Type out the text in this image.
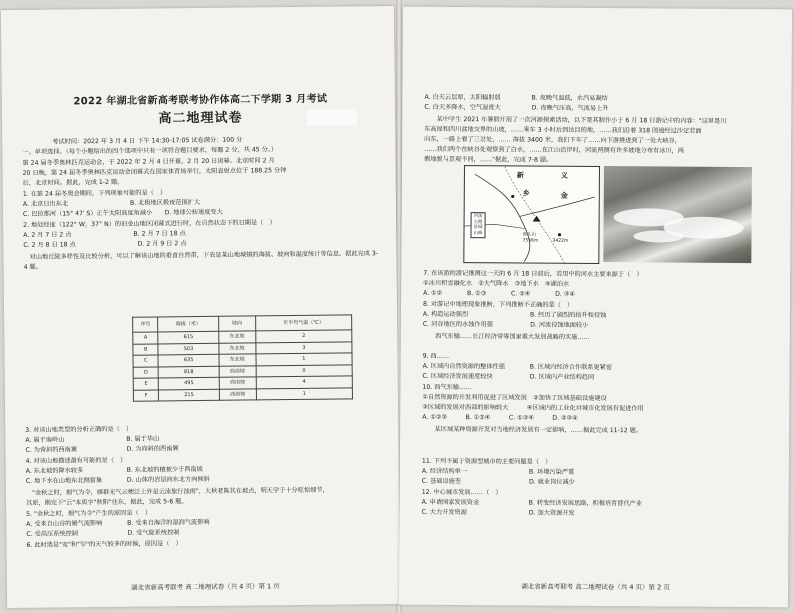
2022 年湖北省新高考联考协作体高二下学期 3 月考试
高二地理试卷
考试时间：2022 年 3 月 4 日 下午 14:30-17:05 试卷满分：100 分
一、单项选择。（每个小题给出的四个选项中只有一项符合题目要求，每题 2 分，共 45 分。）
第 24 届冬季奥林匹克运动会，于 2022 年 2 月 4 日开幕，2 月 20 日闭幕。北京时间 2 月
20 日晚，第 24 届冬季奥林匹克运动会闭幕式在国家体育场举行，太阳直射点位于 188.25 分钟
后，北京时间。据此，完成 1-2 题。
1. 在第 24 届冬奥会期间，下列现象可能的是（　）
A. 北京日出东北　　　　　　　　　　B. 北极地区极夜范围扩大
C. 巴拉那河（15° 47′ S）正午太阳高度角减小　　D. 地球公转速度变大
2. 地处经度（122° W，37° N）的旧金山地区闭幕式进行时，在自然状态下的日期是（　）
A. 2 月 7 日 2 点　　　　　　　　　　B. 2 月 7 日 18 点
C. 2 月 8 日 18 点　　　　　　　　　　D. 2 月 9 日 2 点
　对山地丘陵多样性及比较分析，可以了解该山地的垂直自然带，下表是某山地城镇的海拔、坡向和温度统计等信息。据此完成 3-4 题。
序号	海拔（米）	坡向	年平均气温（℃）
A	615	东北坡	2
B	503	东北坡	3
C	635	东北坡	1
D	818	西南坡	0
E	495	西南坡	4
F	215	西南坡	1
3. 对该山地类型的分析正确的是（　）
A. 属于南岭山　　　　　　　　　　B. 属于华山
C. 为背斜的西南翼　　　　　　　　D. 为向斜的西南翼
4. 对该山地描述最有可能的是（　）
A. 东北坡的降水较多　　　　　　　B. 东北坡的植被少于西南坡
C. 地下水在山地东北侧富集　　　　D. 山体的岩层向东北方向倾斜
　"金秋之时，烟气为令，雁群无气云梗泛上外是云泳旅行浊雨"，大秋老陈其在坡点，明天学子十分吃惊细节，
其原，刚完下"云"本质字"秋阳"往东，据此，完成 5-6 题。
5. "金秋之时，烟气为令"产生的原因是（　）
A. 受来自山谷的暖气流影响　　　　B. 受来自海洋的湿润气流影响
C. 受高压系统控制　　　　　　　　D. 受气旋系统控制
6. 此时选是"宽"和"窄"的天气较多的时候，原因是（　）
湖北省新高考联考 高二地理试卷（共 4 页）第 1 页
A. 白天云层厚，太阳辐射弱　　　　　B. 夜晚气温低，水汽易凝结
C. 白天多降水，空气湿度大　　　　　D. 夜晚气压高，气流易上升
　　某中学生 2021 年暑假开展了一次河源探索活动，以下是其制作小于 6 月 18 日游记中的内容："这里是川
东高原和四川盆地交界的山坡，……乘车 3 小时后到达目的地，……我们沿着 318 国道经过沙定若面
向东，一路上看了三岔处，…… 海拔 3400 米，我们下车了……向下游推进到了一处大峡谷，
……我们两个在峡谷处观察到了白水，……在江山沿岸时，河流两侧有许多坡地分布有冰川，两
侧地貌与景观不同，……"据此，完成 7-8 题。
新	义
乡	金
河流
公路
县城
山峰	雀儿山
7556m	3422m
7. 在该游的游记推测这一天的 6 月 18 日前后，若用中的河水主要来源于（　）
①冰川积雪融化水　②大气降水　③地下水　④湖泊水
A. ①②　　　　B. ①③　　　　C. ②④　　　　D. ③④
8. 对游记中地理现象推断，下列推断不正确的是（　）
A. 构造运动强烈　　　　　　　　　　B. 经历了剧烈的抬升和侵蚀
C. 河谷地区的水蚀作用强　　　　　　D. 河流侵蚀地面较小
　　西气东输……长江经济带等国家重大发展战略的实施……
9. 西……
A. 区域内自然资源的整体性强　　　　B. 区域内经济合作联系更紧密
C. 区域经济发展速度较快　　　　　　D. 区域内产业结构趋同
10. 西气东输……
①自然资源的开发利用促进了区域发展　②加快了区域基础设施建设
③区域的发展对西部的影响较大　　　④区域内的工业化对城市化发展有促进作用
A. ①②③　　　B. ①②④　　　C. ①③④　　　D. ②③④
　　某区域某种资源开发对当地经济发展有一定影响，……据此完成 11-12 题。
11. 下列不属于资源型城市的主要问题是（　）
A. 经济结构单一　　　　　　　　　　B. 环境污染严重
C. 基础设施差　　　　　　　　　　　D. 就业岗位减少
12. 中心城市发展……（　）
A. 申请国家发展资金　　　　　　　　B. 转变经济发展思路，积极培育替代产业
C. 大力开发资源　　　　　　　　　　D. 加大资源开发
湖北省新高考联考 高二地理试卷（共 4 页）第 2 页
